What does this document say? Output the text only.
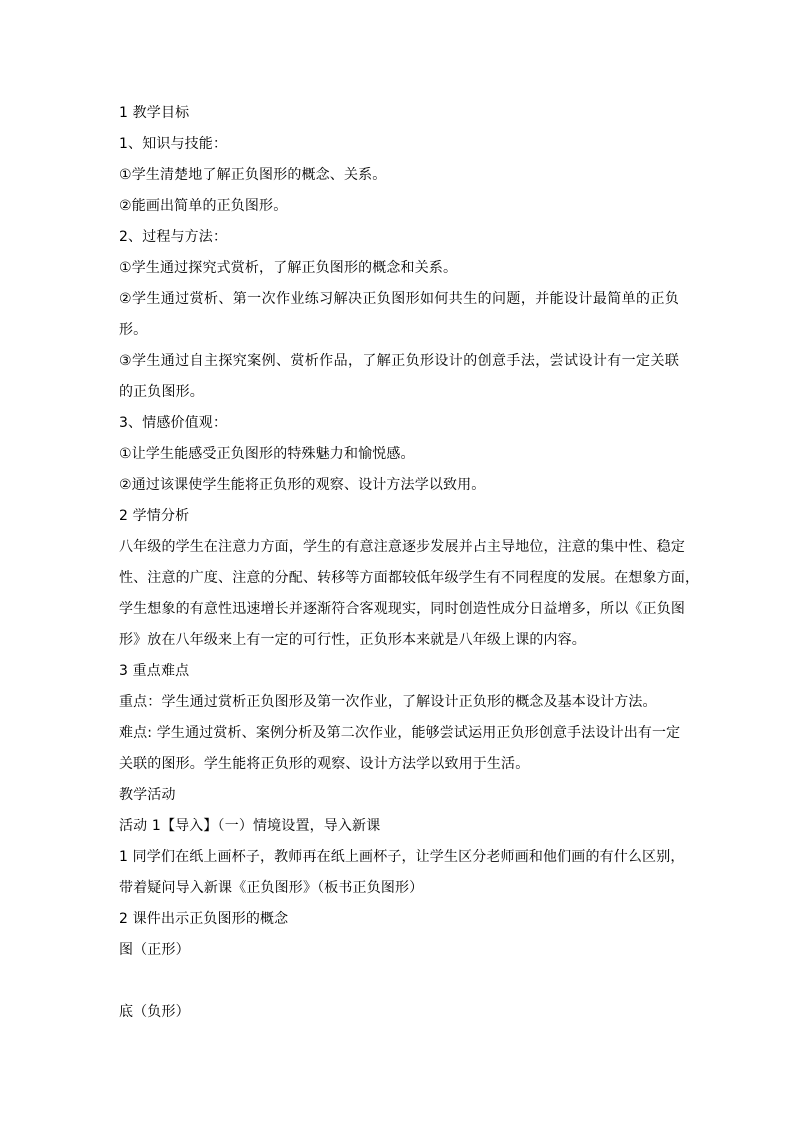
1 教学目标
1、知识与技能：
①学生清楚地了解正负图形的概念、关系。
②能画出简单的正负图形。
2、过程与方法：
①学生通过探究式赏析，了解正负图形的概念和关系。
②学生通过赏析、第一次作业练习解决正负图形如何共生的问题，并能设计最简单的正负
形。
③学生通过自主探究案例、赏析作品，了解正负形设计的创意手法，尝试设计有一定关联
的正负图形。
3、情感价值观：
①让学生能感受正负图形的特殊魅力和愉悦感。
②通过该课使学生能将正负形的观察、设计方法学以致用。
2 学情分析
八年级的学生在注意力方面，学生的有意注意逐步发展并占主导地位，注意的集中性、稳定
性、注意的广度、注意的分配、转移等方面都较低年级学生有不同程度的发展。在想象方面，
学生想象的有意性迅速增长并逐渐符合客观现实，同时创造性成分日益增多，所以《正负图
形》放在八年级来上有一定的可行性，正负形本来就是八年级上课的内容。
3 重点难点
重点：学生通过赏析正负图形及第一次作业，了解设计正负形的概念及基本设计方法。
难点: 学生通过赏析、案例分析及第二次作业，能够尝试运用正负形创意手法设计出有一定
关联的图形。学生能将正负形的观察、设计方法学以致用于生活。
教学活动
活动 1【导入】（一）情境设置，导入新课
1 同学们在纸上画杯子，教师再在纸上画杯子，让学生区分老师画和他们画的有什么区别，
带着疑问导入新课《正负图形》（板书正负图形）
2 课件出示正负图形的概念
图（正形）
底（负形）
